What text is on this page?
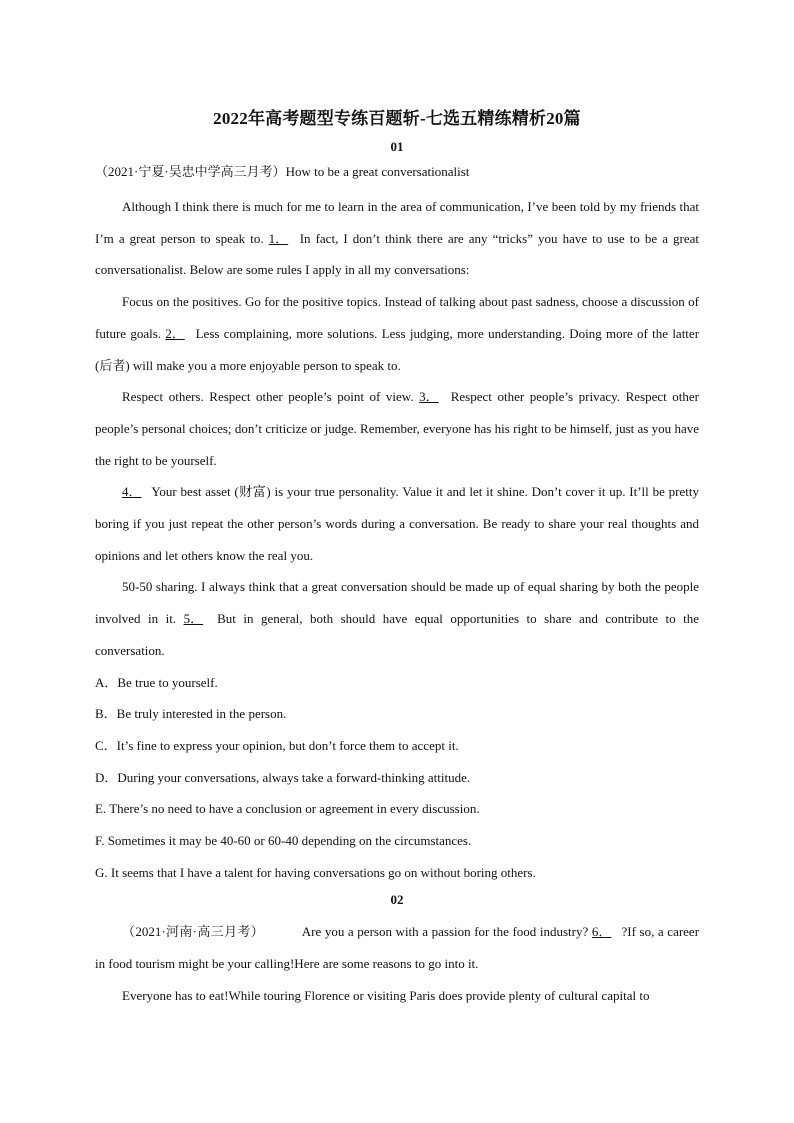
2022年高考题型专练百题斩-七选五精练精析20篇
01
（2021·宁夏·吴忠中学高三月考）How to be a great conversationalist

Although I think there is much for me to learn in the area of communication, I’ve been told by my friends that I’m a great person to speak to. 1． In fact, I don’t think there are any “tricks” you have to use to be a great conversationalist. Below are some rules I apply in all my conversations:

Focus on the positives. Go for the positive topics. Instead of talking about past sadness, choose a discussion of future goals. 2． Less complaining, more solutions. Less judging, more understanding. Doing more of the latter (后者) will make you a more enjoyable person to speak to.

Respect others. Respect other people’s point of view. 3． Respect other people’s privacy. Respect other people’s personal choices; don’t criticize or judge. Remember, everyone has his right to be himself, just as you have the right to be yourself.

4． Your best asset (财富) is your true personality. Value it and let it shine. Don’t cover it up. It’ll be pretty boring if you just repeat the other person’s words during a conversation. Be ready to share your real thoughts and opinions and let others know the real you.

50-50 sharing. I always think that a great conversation should be made up of equal sharing by both the people involved in it. 5． But in general, both should have equal opportunities to share and contribute to the conversation.

A．Be true to yourself.

B．Be truly interested in the person.

C．It’s fine to express your opinion, but don’t force them to accept it.

D．During your conversations, always take a forward-thinking attitude.

E. There’s no need to have a conclusion or agreement in every discussion.

F. Sometimes it may be 40-60 or 60-40 depending on the circumstances.

G. It seems that I have a talent for having conversations go on without boring others.

02

（2021·河南·高三月考）	Are you a person with a passion for the food industry? 6． ?If so, a career in food tourism might be your calling!Here are some reasons to go into it.

Everyone has to eat!While touring Florence or visiting Paris does provide plenty of cultural capital to
